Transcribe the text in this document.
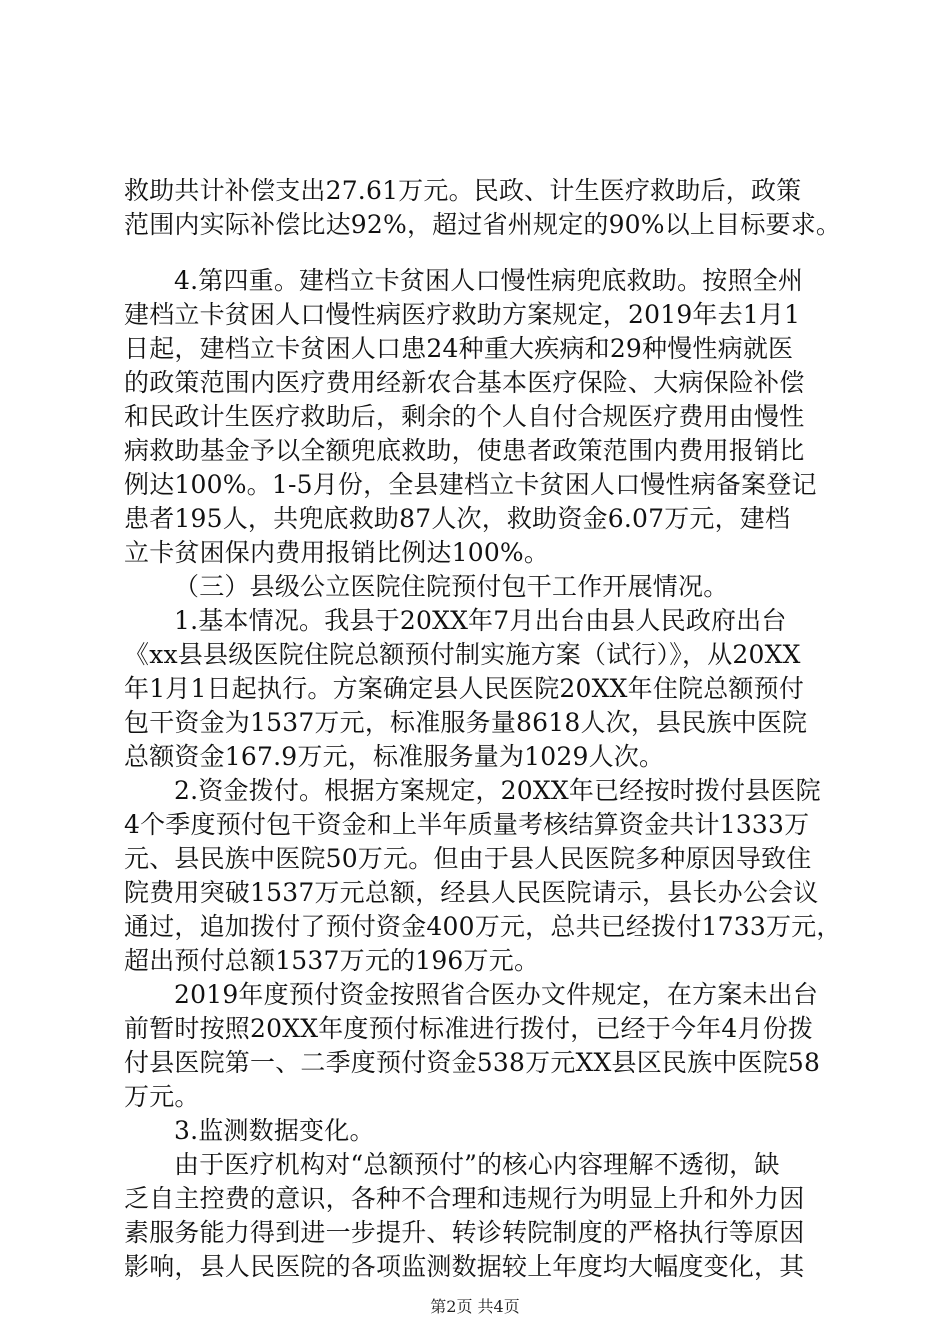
救助共计补偿支出27.61万元。民政、计生医疗救助后，政策
范围内实际补偿比达92%，超过省州规定的90%以上目标要求。
4.第四重。建档立卡贫困人口慢性病兜底救助。按照全州
建档立卡贫困人口慢性病医疗救助方案规定，2019年去1月1
日起，建档立卡贫困人口患24种重大疾病和29种慢性病就医
的政策范围内医疗费用经新农合基本医疗保险、大病保险补偿
和民政计生医疗救助后，剩余的个人自付合规医疗费用由慢性
病救助基金予以全额兜底救助，使患者政策范围内费用报销比
例达100%。1-5月份，全县建档立卡贫困人口慢性病备案登记
患者195人，共兜底救助87人次，救助资金6.07万元，建档
立卡贫困保内费用报销比例达100%。
（三）县级公立医院住院预付包干工作开展情况。
1.基本情况。我县于20XX年7月出台由县人民政府出台
《xx县县级医院住院总额预付制实施方案（试行）》，从20XX
年1月1日起执行。方案确定县人民医院20XX年住院总额预付
包干资金为1537万元，标准服务量8618人次，县民族中医院
总额资金167.9万元，标准服务量为1029人次。
2.资金拨付。根据方案规定，20XX年已经按时拨付县医院
4个季度预付包干资金和上半年质量考核结算资金共计1333万
元、县民族中医院50万元。但由于县人民医院多种原因导致住
院费用突破1537万元总额，经县人民医院请示，县长办公会议
通过，追加拨付了预付资金400万元，总共已经拨付1733万元，
超出预付总额1537万元的196万元。
2019年度预付资金按照省合医办文件规定，在方案未出台
前暂时按照20XX年度预付标准进行拨付，已经于今年4月份拨
付县医院第一、二季度预付资金538万元XX县区民族中医院58
万元。
3.监测数据变化。
由于医疗机构对“总额预付”的核心内容理解不透彻，缺
乏自主控费的意识，各种不合理和违规行为明显上升和外力因
素服务能力得到进一步提升、转诊转院制度的严格执行等原因
影响，县人民医院的各项监测数据较上年度均大幅度变化，其
第2页 共4页
